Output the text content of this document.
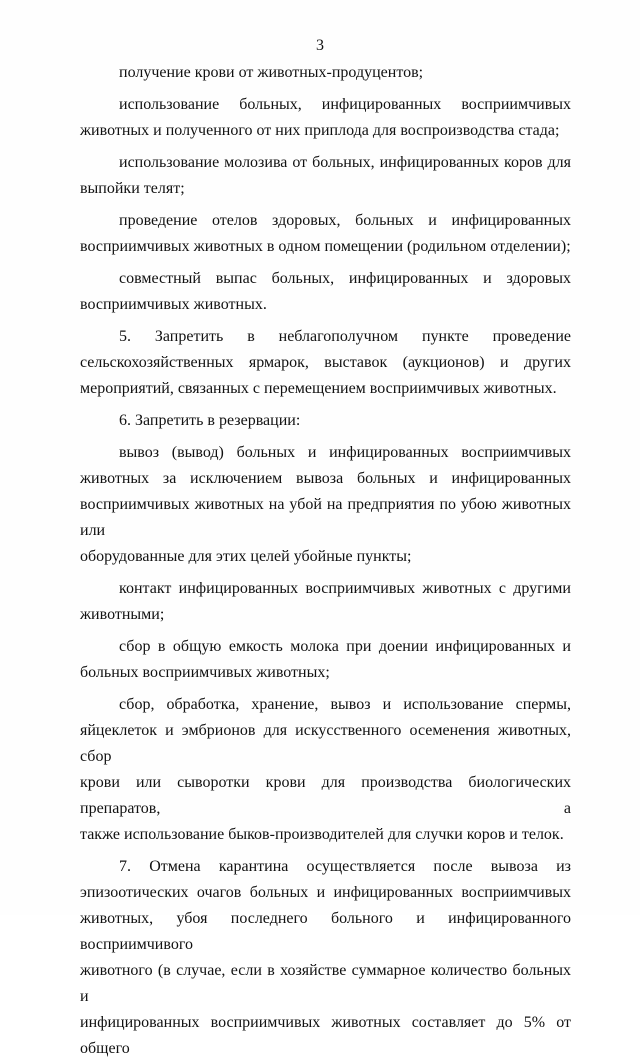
3
получение крови от животных-продуцентов;
использование больных, инфицированных восприимчивых
животных и полученного от них приплода для воспроизводства стада;
использование молозива от больных, инфицированных коров для
выпойки телят;
проведение отелов здоровых, больных и инфицированных
восприимчивых животных в одном помещении (родильном отделении);
совместный выпас больных, инфицированных и здоровых
восприимчивых животных.
5. Запретить в неблагополучном пункте проведение
сельскохозяйственных ярмарок, выставок (аукционов) и других
мероприятий, связанных с перемещением восприимчивых животных.
6. Запретить в резервации:
вывоз (вывод) больных и инфицированных восприимчивых
животных за исключением вывоза больных и инфицированных
восприимчивых животных на убой на предприятия по убою животных или
оборудованные для этих целей убойные пункты;
контакт инфицированных восприимчивых животных с другими
животными;
сбор в общую емкость молока при доении инфицированных и
больных восприимчивых животных;
сбор, обработка, хранение, вывоз и использование спермы,
яйцеклеток и эмбрионов для искусственного осеменения животных, сбор
крови или сыворотки крови для производства биологических препаратов, а
также использование быков-производителей для случки коров и телок.
7. Отмена карантина осуществляется после вывоза из
эпизоотических очагов больных и инфицированных восприимчивых
животных, убоя последнего больного и инфицированного восприимчивого
животного (в случае, если в хозяйстве суммарное количество больных и
инфицированных восприимчивых животных составляет до 5% от общего
